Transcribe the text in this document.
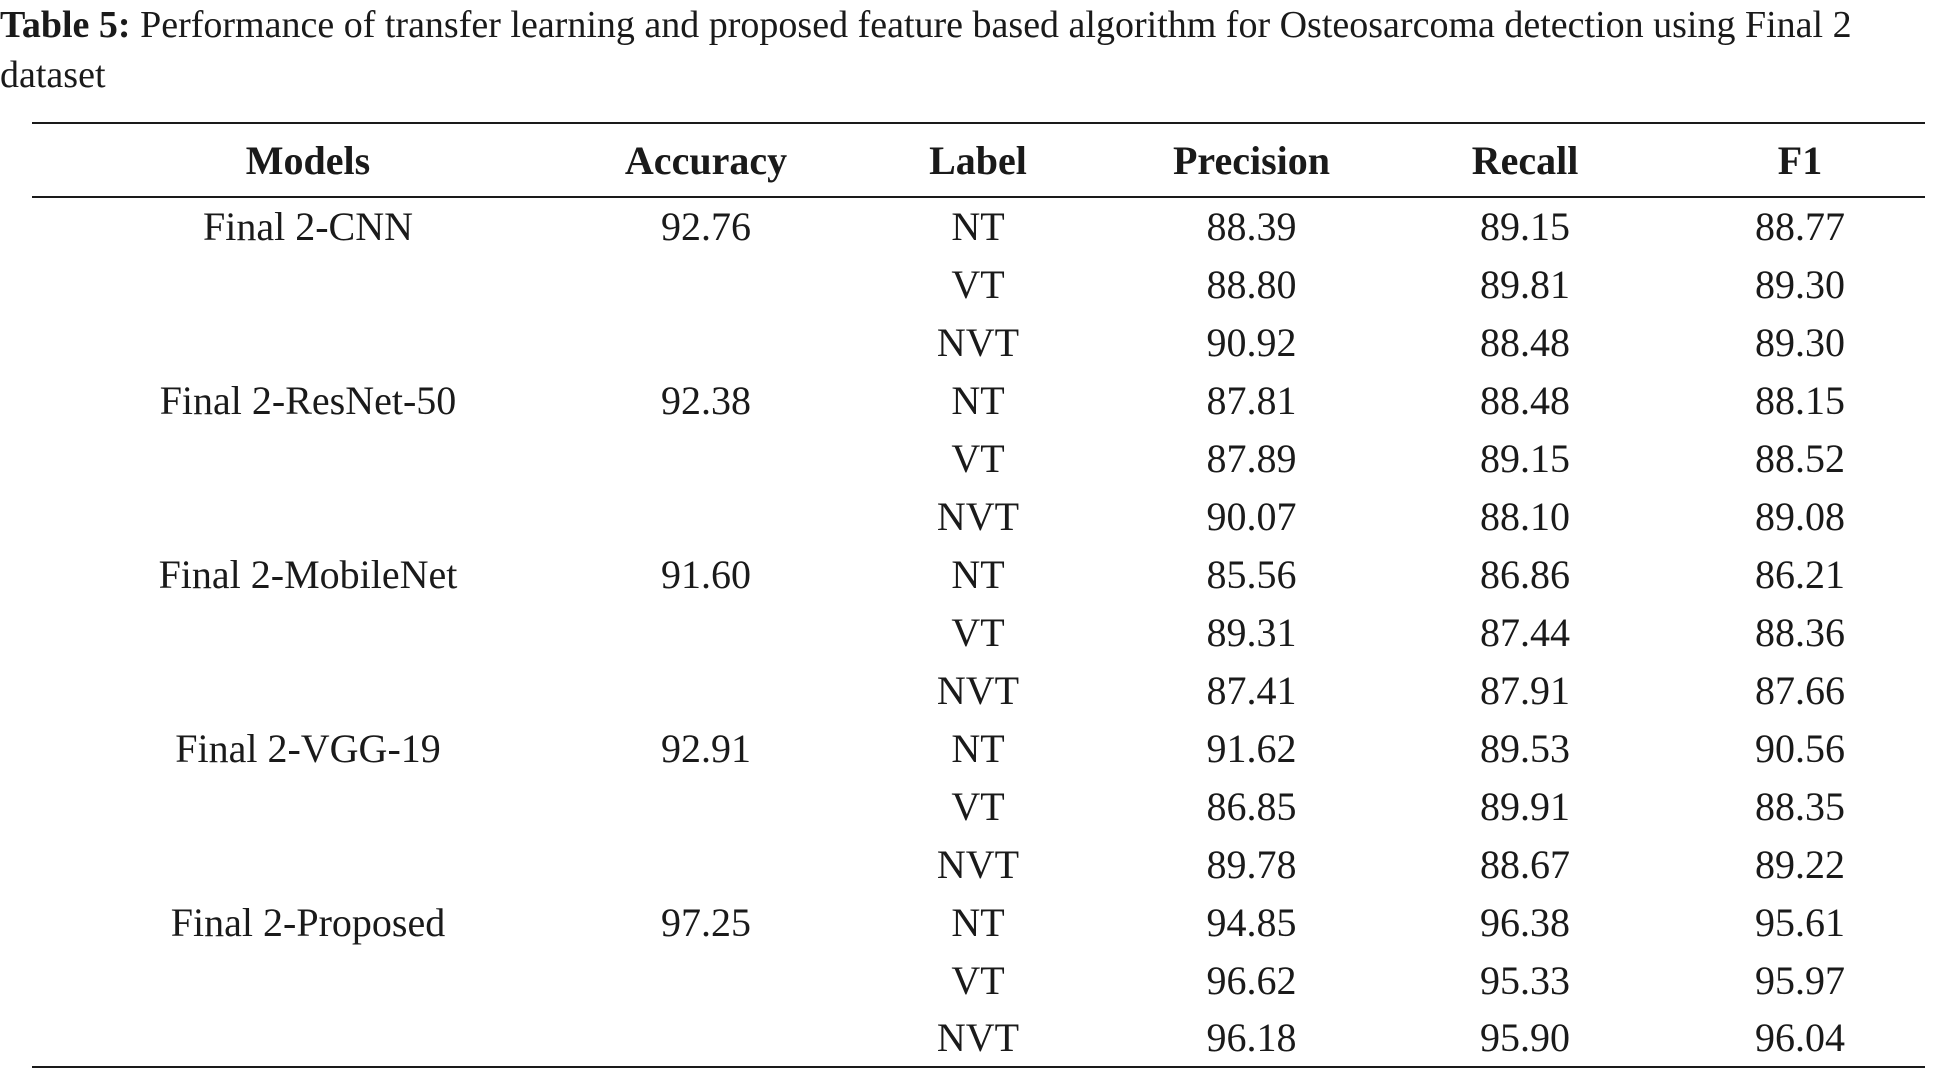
Table 5: Performance of transfer learning and proposed feature based algorithm for Osteosarcoma detection using Final 2 dataset

Models	Accuracy	Label	Precision	Recall	F1
Final 2-CNN	92.76	NT	88.39	89.15	88.77
		VT	88.80	89.81	89.30
		NVT	90.92	88.48	89.30
Final 2-ResNet-50	92.38	NT	87.81	88.48	88.15
		VT	87.89	89.15	88.52
		NVT	90.07	88.10	89.08
Final 2-MobileNet	91.60	NT	85.56	86.86	86.21
		VT	89.31	87.44	88.36
		NVT	87.41	87.91	87.66
Final 2-VGG-19	92.91	NT	91.62	89.53	90.56
		VT	86.85	89.91	88.35
		NVT	89.78	88.67	89.22
Final 2-Proposed	97.25	NT	94.85	96.38	95.61
		VT	96.62	95.33	95.97
		NVT	96.18	95.90	96.04
